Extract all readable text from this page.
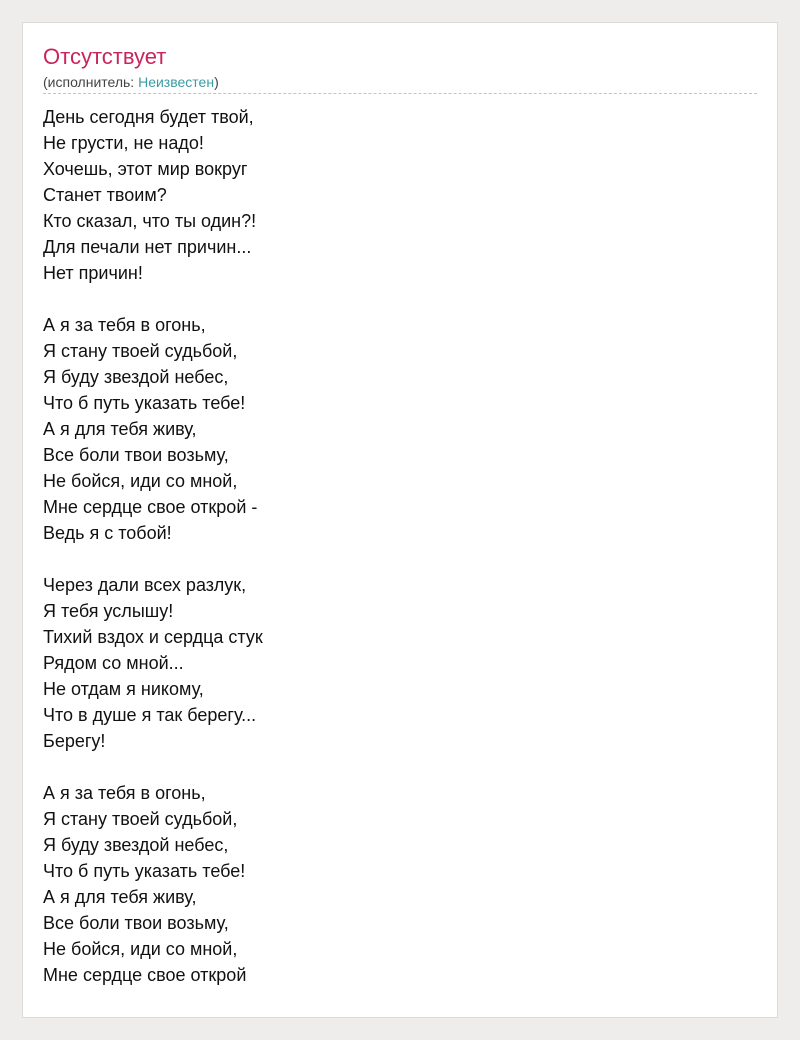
Отсутствует
(исполнитель: Неизвестен)
День сегодня будет твой,
Не грусти, не надо!
Хочешь, этот мир вокруг
Станет твоим?
Кто сказал, что ты один?!
Для печали нет причин...
Нет причин!
А я за тебя в огонь,
Я стану твоей судьбой,
Я буду звездой небес,
Что б путь указать тебе!
А я для тебя живу,
Все боли твои возьму,
Не бойся, иди со мной,
Мне сердце свое открой -
Ведь я с тобой!
Через дали всех разлук,
Я тебя услышу!
Тихий вздох и сердца стук
Рядом со мной...
Не отдам я никому,
Что в душе я так берегу...
Берегу!
А я за тебя в огонь,
Я стану твоей судьбой,
Я буду звездой небес,
Что б путь указать тебе!
А я для тебя живу,
Все боли твои возьму,
Не бойся, иди со мной,
Мне сердце свое открой
